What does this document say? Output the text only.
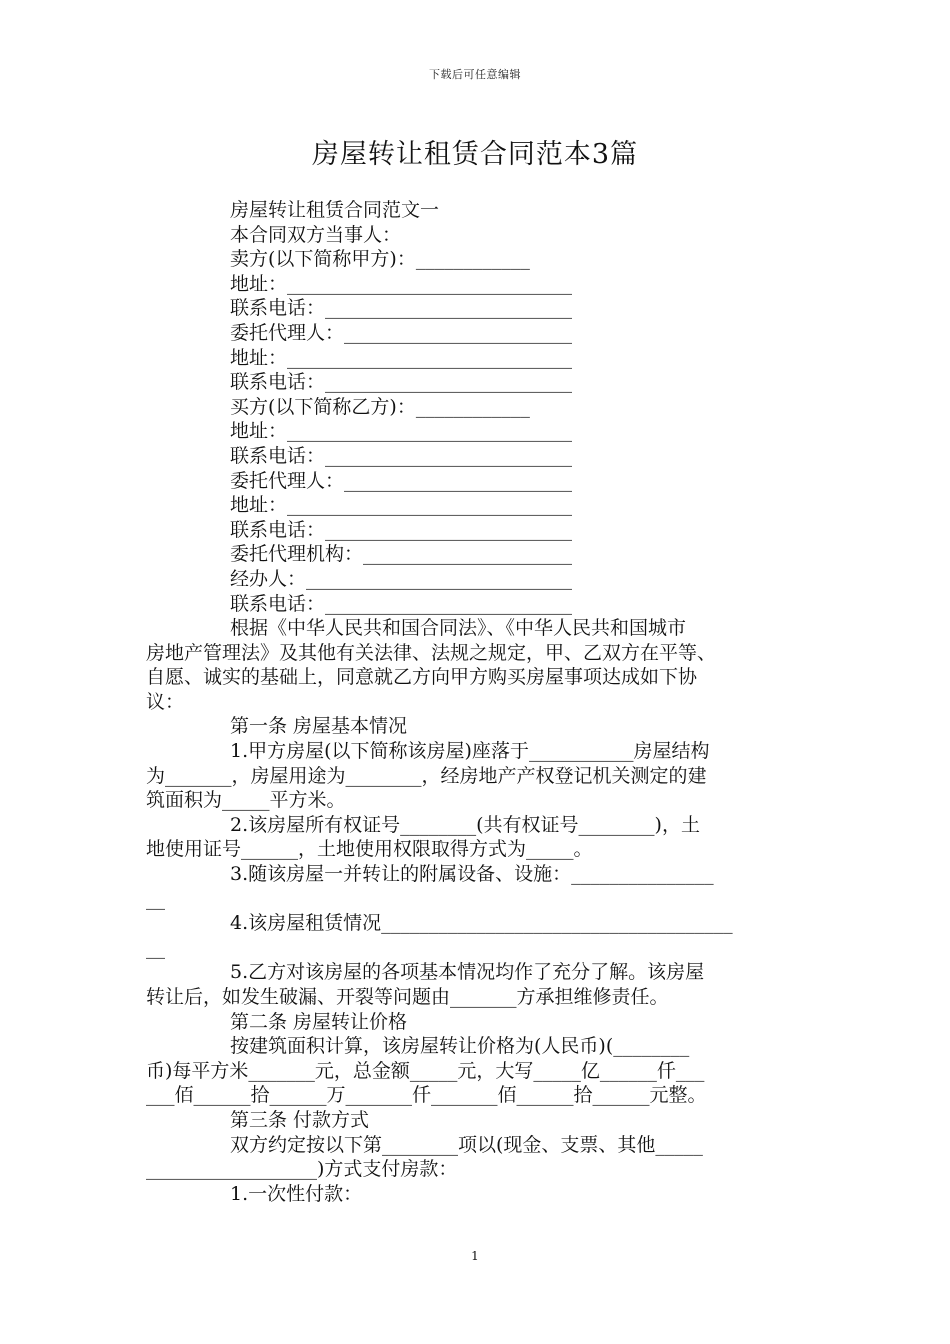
下载后可任意编辑
房屋转让租赁合同范本3篇
房屋转让租赁合同范文一
本合同双方当事人：
卖方(以下简称甲方)：____________
地址：______________________________
联系电话：__________________________
委托代理人：________________________
地址：______________________________
联系电话：__________________________
买方(以下简称乙方)：____________
地址：______________________________
联系电话：__________________________
委托代理人：________________________
地址：______________________________
联系电话：__________________________
委托代理机构：______________________
经办人：____________________________
联系电话：__________________________
根据《中华人民共和国合同法》、《中华人民共和国城市
房地产管理法》及其他有关法律、法规之规定，甲、乙双方在平等、
自愿、诚实的基础上，同意就乙方向甲方购买房屋事项达成如下协
议：
第一条 房屋基本情况
1.甲方房屋(以下简称该房屋)座落于___________房屋结构
为_______，房屋用途为________，经房地产产权登记机关测定的建
筑面积为_____平方米。
2.该房屋所有权证号________(共有权证号________)，土
地使用证号______，土地使用权限取得方式为_____。
3.随该房屋一并转让的附属设备、设施：_______________
__
4.该房屋租赁情况_____________________________________
__
5.乙方对该房屋的各项基本情况均作了充分了解。该房屋
转让后，如发生破漏、开裂等问题由_______方承担维修责任。
第二条 房屋转让价格
按建筑面积计算，该房屋转让价格为(人民币)(________
币)每平方米_______元，总金额_____元，大写_____亿______仟___
___佰______拾______万_______仟_______佰______拾______元整。
第三条 付款方式
双方约定按以下第________项以(现金、支票、其他_____
__________________)方式支付房款：
1.一次性付款：
1
